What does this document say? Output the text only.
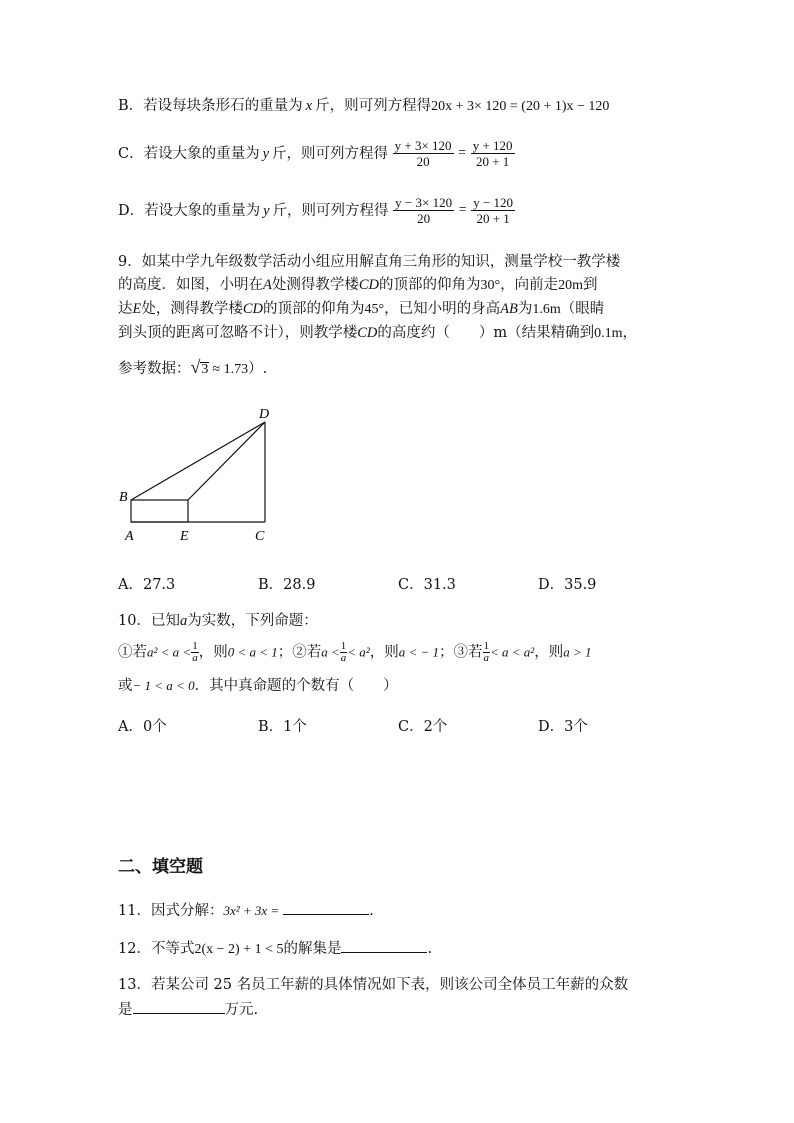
B．若设每块条形石的重量为 x 斤，则可列方程得20x + 3× 120 = (20 + 1)x − 120
C．若设大象的重量为 y 斤，则可列方程得 $\frac{y + 3\times 120}{20} = \frac{y + 120}{20 + 1}$
D．若设大象的重量为 y 斤，则可列方程得 $\frac{y - 3\times 120}{20} = \frac{y - 120}{20 + 1}$
9．如某中学九年级数学活动小组应用解直角三角形的知识，测量学校一教学楼
的高度．如图，小明在A处测得教学楼CD的顶部的仰角为30°，向前走20m到
达E处，测得教学楼CD的顶部的仰角为45°，已知小明的身高AB为1.6m（眼睛
到头顶的距离可忽略不计），则教学楼CD的高度约（　　）m（结果精确到0.1m，
参考数据：√3 ≈ 1.73）.
D
B
A	E	C
A．27.3	B．28.9	C．31.3	D．35.9
10．已知a为实数，下列命题：
①若$a^2 < a < \frac{1}{a}$ ，则0 < a < 1；②若$a < \frac{1}{a} < a^2$，则a < − 1；③若 $\frac{1}{a} < a < a^2$，则a > 1
或− 1 < a < 0．其中真命题的个数有（　　）
A．0个	B．1个	C．2个	D．3个
二、填空题
11．因式分解：3x² + 3x =	.
12．不等式2(x − 2) + 1 < 5的解集是	.
13．若某公司 25 名员工年薪的具体情况如下表，则该公司全体员工年薪的众数
是	万元.
